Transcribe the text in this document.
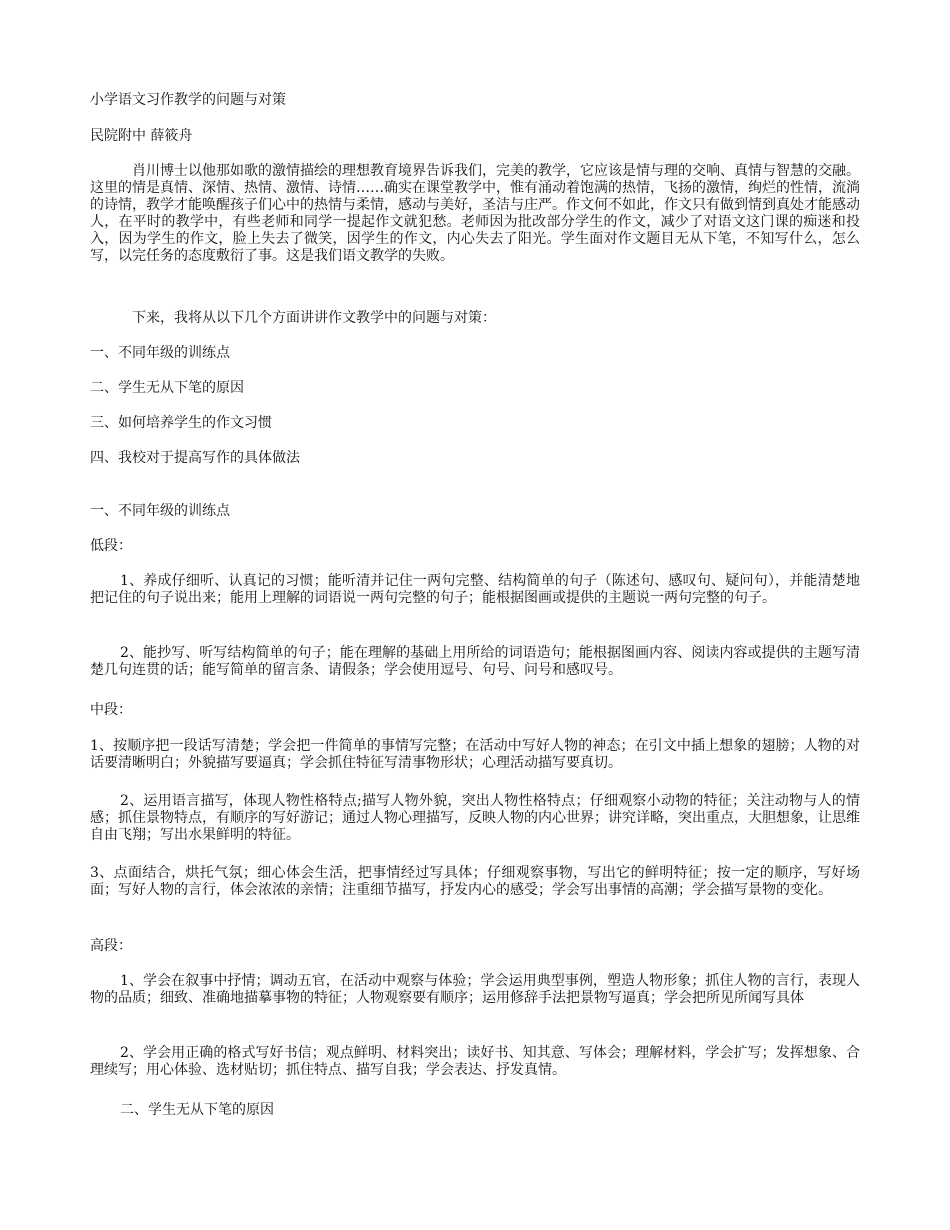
小学语文习作教学的问题与对策
民院附中 薛筱舟
肖川博士以他那如歌的激情描绘的理想教育境界告诉我们，完美的教学，它应该是情与理的交响、真情与智慧的交融。这里的情是真情、深情、热情、激情、诗情……确实在课堂教学中，惟有涌动着饱满的热情，飞扬的激情，绚烂的性情，流淌的诗情，教学才能唤醒孩子们心中的热情与柔情，感动与美好，圣洁与庄严。作文何不如此，作文只有做到情到真处才能感动人，在平时的教学中，有些老师和同学一提起作文就犯愁。老师因为批改部分学生的作文，减少了对语文这门课的痴迷和投入，因为学生的作文，脸上失去了微笑，因学生的作文，内心失去了阳光。学生面对作文题目无从下笔，不知写什么，怎么写，以完任务的态度敷衍了事。这是我们语文教学的失败。
下来，我将从以下几个方面讲讲作文教学中的问题与对策：
一、不同年级的训练点
二、学生无从下笔的原因
三、如何培养学生的作文习惯
四、我校对于提高写作的具体做法
一、不同年级的训练点
低段：
1、养成仔细听、认真记的习惯；能听清并记住一两句完整、结构简单的句子（陈述句、感叹句、疑问句），并能清楚地把记住的句子说出来；能用上理解的词语说一两句完整的句子；能根据图画或提供的主题说一两句完整的句子。
2、能抄写、听写结构简单的句子；能在理解的基础上用所给的词语造句；能根据图画内容、阅读内容或提供的主题写清楚几句连贯的话；能写简单的留言条、请假条；学会使用逗号、句号、问号和感叹号。
中段：
1、按顺序把一段话写清楚；学会把一件简单的事情写完整；在活动中写好人物的神态；在引文中插上想象的翅膀；人物的对话要清晰明白；外貌描写要逼真；学会抓住特征写清事物形状；心理活动描写要真切。
2、运用语言描写，体现人物性格特点;描写人物外貌，突出人物性格特点；仔细观察小动物的特征；关注动物与人的情感；抓住景物特点，有顺序的写好游记；通过人物心理描写，反映人物的内心世界；讲究详略，突出重点，大胆想象，让思维自由飞翔；写出水果鲜明的特征。
3、点面结合，烘托气氛；细心体会生活，把事情经过写具体；仔细观察事物，写出它的鲜明特征；按一定的顺序，写好场面；写好人物的言行，体会浓浓的亲情；注重细节描写，抒发内心的感受；学会写出事情的高潮；学会描写景物的变化。
高段：
1、学会在叙事中抒情；调动五官，在活动中观察与体验；学会运用典型事例，塑造人物形象；抓住人物的言行，表现人物的品质；细致、准确地描摹事物的特征；人物观察要有顺序；运用修辞手法把景物写逼真；学会把所见所闻写具体
2、学会用正确的格式写好书信；观点鲜明、材料突出；读好书、知其意、写体会；理解材料，学会扩写；发挥想象、合理续写；用心体验、选材贴切；抓住特点、描写自我；学会表达、抒发真情。
二、学生无从下笔的原因
